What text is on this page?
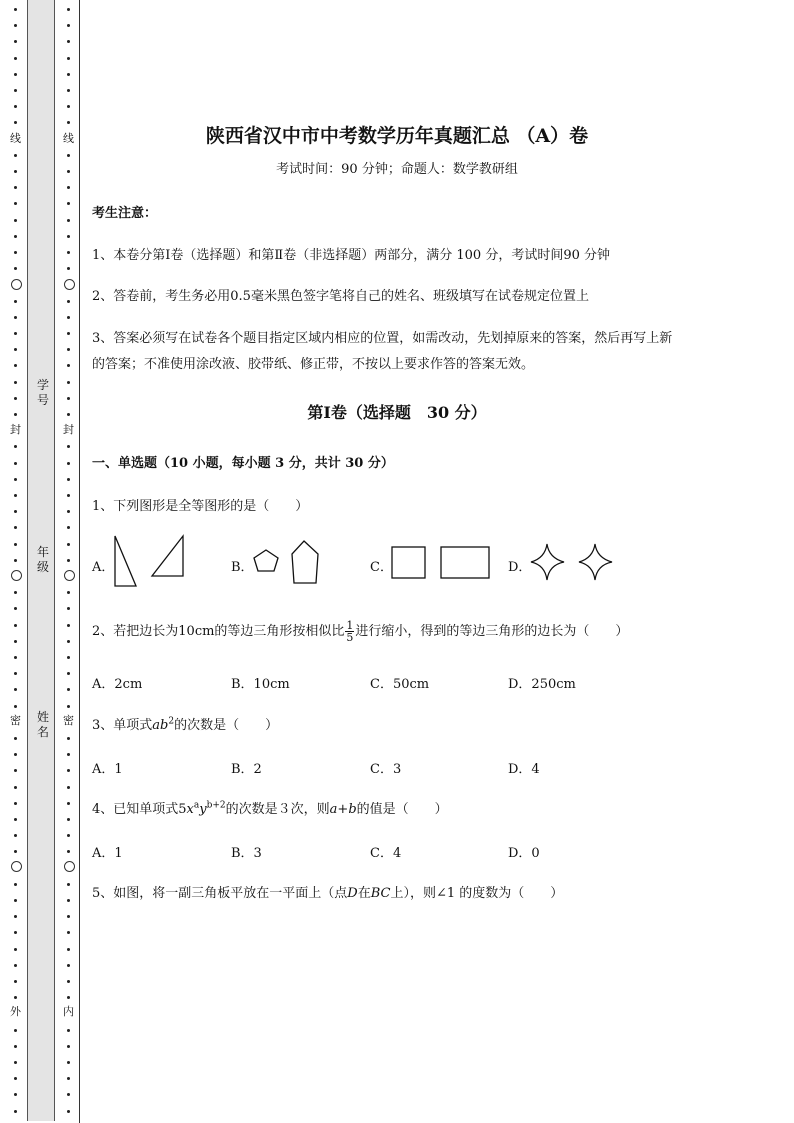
线
封
密
外
线
封
密
内
学号
年级
姓名
陕西省汉中市中考数学历年真题汇总 （A）卷
考试时间：90 分钟；命题人：数学教研组
考生注意：
1、本卷分第Ⅰ卷（选择题）和第Ⅱ卷（非选择题）两部分，满分 100 分，考试时间90 分钟
2、答卷前，考生务必用0.5毫米黑色签字笔将自己的姓名、班级填写在试卷规定位置上
3、答案必须写在试卷各个题目指定区域内相应的位置，如需改动，先划掉原来的答案，然后再写上新
的答案；不准使用涂改液、胶带纸、修正带，不按以上要求作答的答案无效。
第Ⅰ卷（选择题　30 分）
一、单选题（10 小题，每小题 3 分，共计 30 分）
1、下列图形是全等图形的是（　　）
A．	B．	C．	D．
2、若把边长为10cm的等边三角形按相似比 $\frac{1}{5}$ 进行缩小，得到的等边三角形的边长为（　　）
A．2cm	B．10cm	C．50cm	D．250cm
3、单项式$ab^2$的次数是（　　）
A．1	B．2	C．3	D．4
4、已知单项式$5x^ay^{b+2}$的次数是３次，则a+b的值是（　　）
A．1	B．3	C．4	D．0
5、如图，将一副三角板平放在一平面上（点D在BC上），则∠1 的度数为（　　）
